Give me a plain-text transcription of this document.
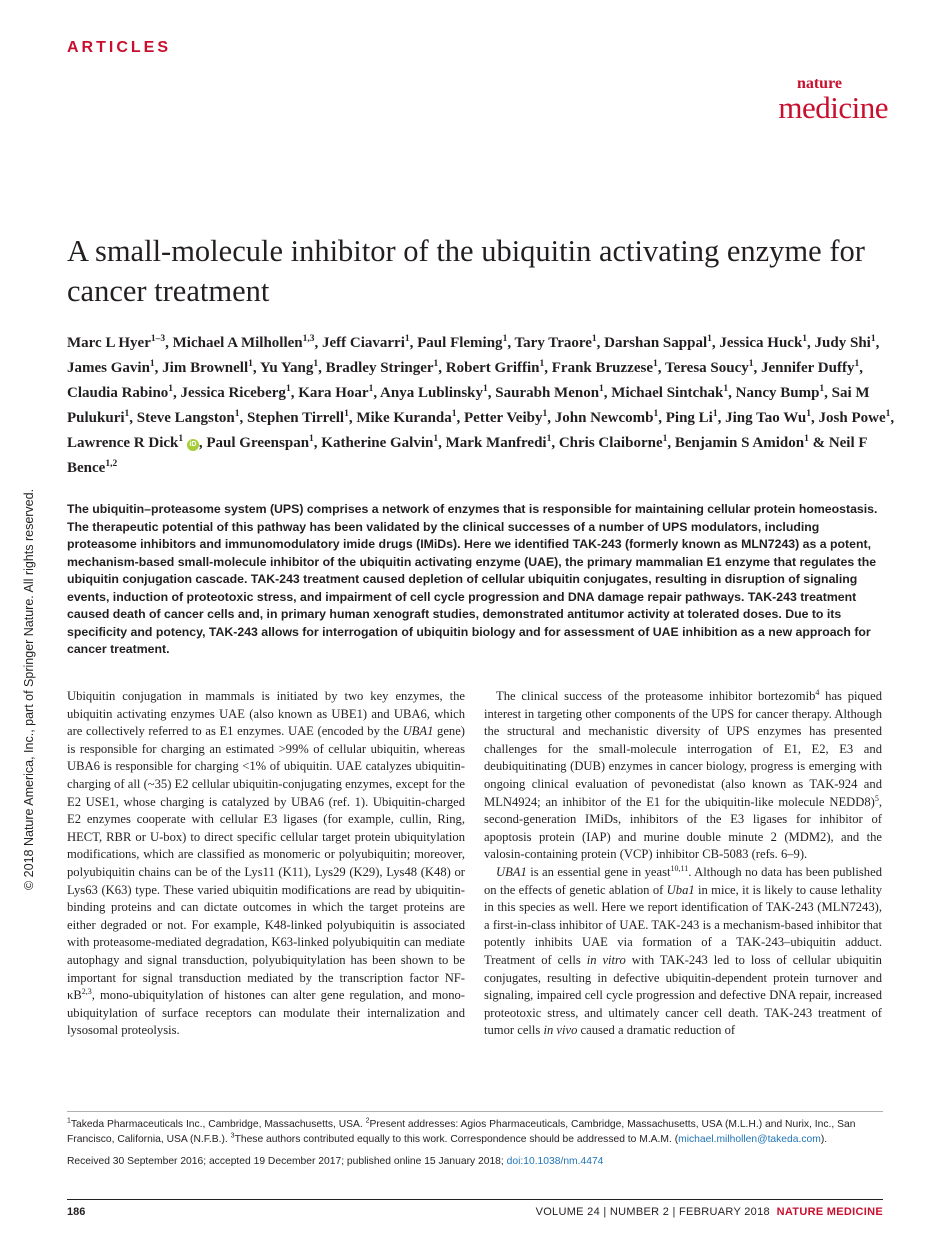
ARTICLES
nature
medicine
© 2018 Nature America, Inc., part of Springer Nature. All rights reserved.
A small-molecule inhibitor of the ubiquitin activating enzyme for cancer treatment
Marc L Hyer$^{1-3}$, Michael A Milhollen$^{1,3}$, Jeff Ciavarri$^1$, Paul Fleming$^1$, Tary Traore$^1$, Darshan Sappal$^1$, Jessica Huck$^1$, Judy Shi$^1$, James Gavin$^1$, Jim Brownell$^1$, Yu Yang$^1$, Bradley Stringer$^1$, Robert Griffin$^1$, Frank Bruzzese$^1$, Teresa Soucy$^1$, Jennifer Duffy$^1$, Claudia Rabino$^1$, Jessica Riceberg$^1$, Kara Hoar$^1$, Anya Lublinsky$^1$, Saurabh Menon$^1$, Michael Sintchak$^1$, Nancy Bump$^1$, Sai M Pulukuri$^1$, Steve Langston$^1$, Stephen Tirrell$^1$, Mike Kuranda$^1$, Petter Veiby$^1$, John Newcomb$^1$, Ping Li$^1$, Jing Tao Wu$^1$, Josh Powe$^1$, Lawrence R Dick$^1$ iD , Paul Greenspan$^1$, Katherine Galvin$^1$, Mark Manfredi$^1$, Chris Claiborne$^1$, Benjamin S Amidon$^1$ & Neil F Bence$^{1,2}$
The ubiquitin–proteasome system (UPS) comprises a network of enzymes that is responsible for maintaining cellular protein homeostasis. The therapeutic potential of this pathway has been validated by the clinical successes of a number of UPS modulators, including proteasome inhibitors and immunomodulatory imide drugs (IMiDs). Here we identified TAK-243 (formerly known as MLN7243) as a potent, mechanism-based small-molecule inhibitor of the ubiquitin activating enzyme (UAE), the primary mammalian E1 enzyme that regulates the ubiquitin conjugation cascade. TAK-243 treatment caused depletion of cellular ubiquitin conjugates, resulting in disruption of signaling events, induction of proteotoxic stress, and impairment of cell cycle progression and DNA damage repair pathways. TAK-243 treatment caused death of cancer cells and, in primary human xenograft studies, demonstrated antitumor activity at tolerated doses. Due to its specificity and potency, TAK-243 allows for interrogation of ubiquitin biology and for assessment of UAE inhibition as a new approach for cancer treatment.

Ubiquitin conjugation in mammals is initiated by two key enzymes, the ubiquitin activating enzymes UAE (also known as UBE1) and UBA6, which are collectively referred to as E1 enzymes. UAE (encoded by the UBA1 gene) is responsible for charging an estimated >99% of cellular ubiquitin, whereas UBA6 is responsible for charging <1% of ubiquitin. UAE catalyzes ubiquitin-charging of all (~35) E2 cellular ubiquitin-conjugating enzymes, except for the E2 USE1, whose charging is catalyzed by UBA6 (ref. 1). Ubiquitin-charged E2 enzymes cooperate with cellular E3 ligases (for example, cullin, Ring, HECT, RBR or U-box) to direct specific cellular target protein ubiquitylation modifications, which are classified as monomeric or polyubiquitin; moreover, polyubiquitin chains can be of the Lys11 (K11), Lys29 (K29), Lys48 (K48) or Lys63 (K63) type. These varied ubiquitin modifications are read by ubiquitin-binding proteins and can dictate outcomes in which the target proteins are either degraded or not. For example, K48-linked polyubiquitin is associated with proteasome-mediated degradation, K63-linked polyubiquitin can mediate autophagy and signal transduction, polyubiquitylation has been shown to be important for signal transduction mediated by the transcription factor NF-κB$^{2,3}$, mono-ubiquitylation of histones can alter gene regulation, and mono-ubiquitylation of surface receptors can modulate their internalization and lysosomal proteolysis.

The clinical success of the proteasome inhibitor bortezomib$^4$ has piqued interest in targeting other components of the UPS for cancer therapy. Although the structural and mechanistic diversity of UPS enzymes has presented challenges for the small-molecule interrogation of E1, E2, E3 and deubiquitinating (DUB) enzymes in cancer biology, progress is emerging with ongoing clinical evaluation of pevonedistat (also known as TAK-924 and MLN4924; an inhibitor of the E1 for the ubiquitin-like molecule NEDD8)$^5$, second-generation IMiDs, inhibitors of the E3 ligases for inhibitor of apoptosis protein (IAP) and murine double minute 2 (MDM2), and the valosin-containing protein (VCP) inhibitor CB-5083 (refs. 6–9).

UBA1 is an essential gene in yeast$^{10,11}$. Although no data has been published on the effects of genetic ablation of Uba1 in mice, it is likely to cause lethality in this species as well. Here we report identification of TAK-243 (MLN7243), a first-in-class inhibitor of UAE. TAK-243 is a mechanism-based inhibitor that potently inhibits UAE via formation of a TAK-243–ubiquitin adduct. Treatment of cells in vitro with TAK-243 led to loss of cellular ubiquitin conjugates, resulting in defective ubiquitin-dependent protein turnover and signaling, impaired cell cycle progression and defective DNA repair, increased proteotoxic stress, and ultimately cancer cell death. TAK-243 treatment of tumor cells in vivo caused a dramatic reduction of

$^1$Takeda Pharmaceuticals Inc., Cambridge, Massachusetts, USA. $^2$Present addresses: Agios Pharmaceuticals, Cambridge, Massachusetts, USA (M.L.H.) and Nurix, Inc., San Francisco, California, USA (N.F.B.). $^3$These authors contributed equally to this work. Correspondence should be addressed to M.A.M. (michael.milhollen@takeda.com).
Received 30 September 2016; accepted 19 December 2017; published online 15 January 2018; doi:10.1038/nm.4474
186	VOLUME 24 | NUMBER 2 | FEBRUARY 2018 NATURE MEDICINE
